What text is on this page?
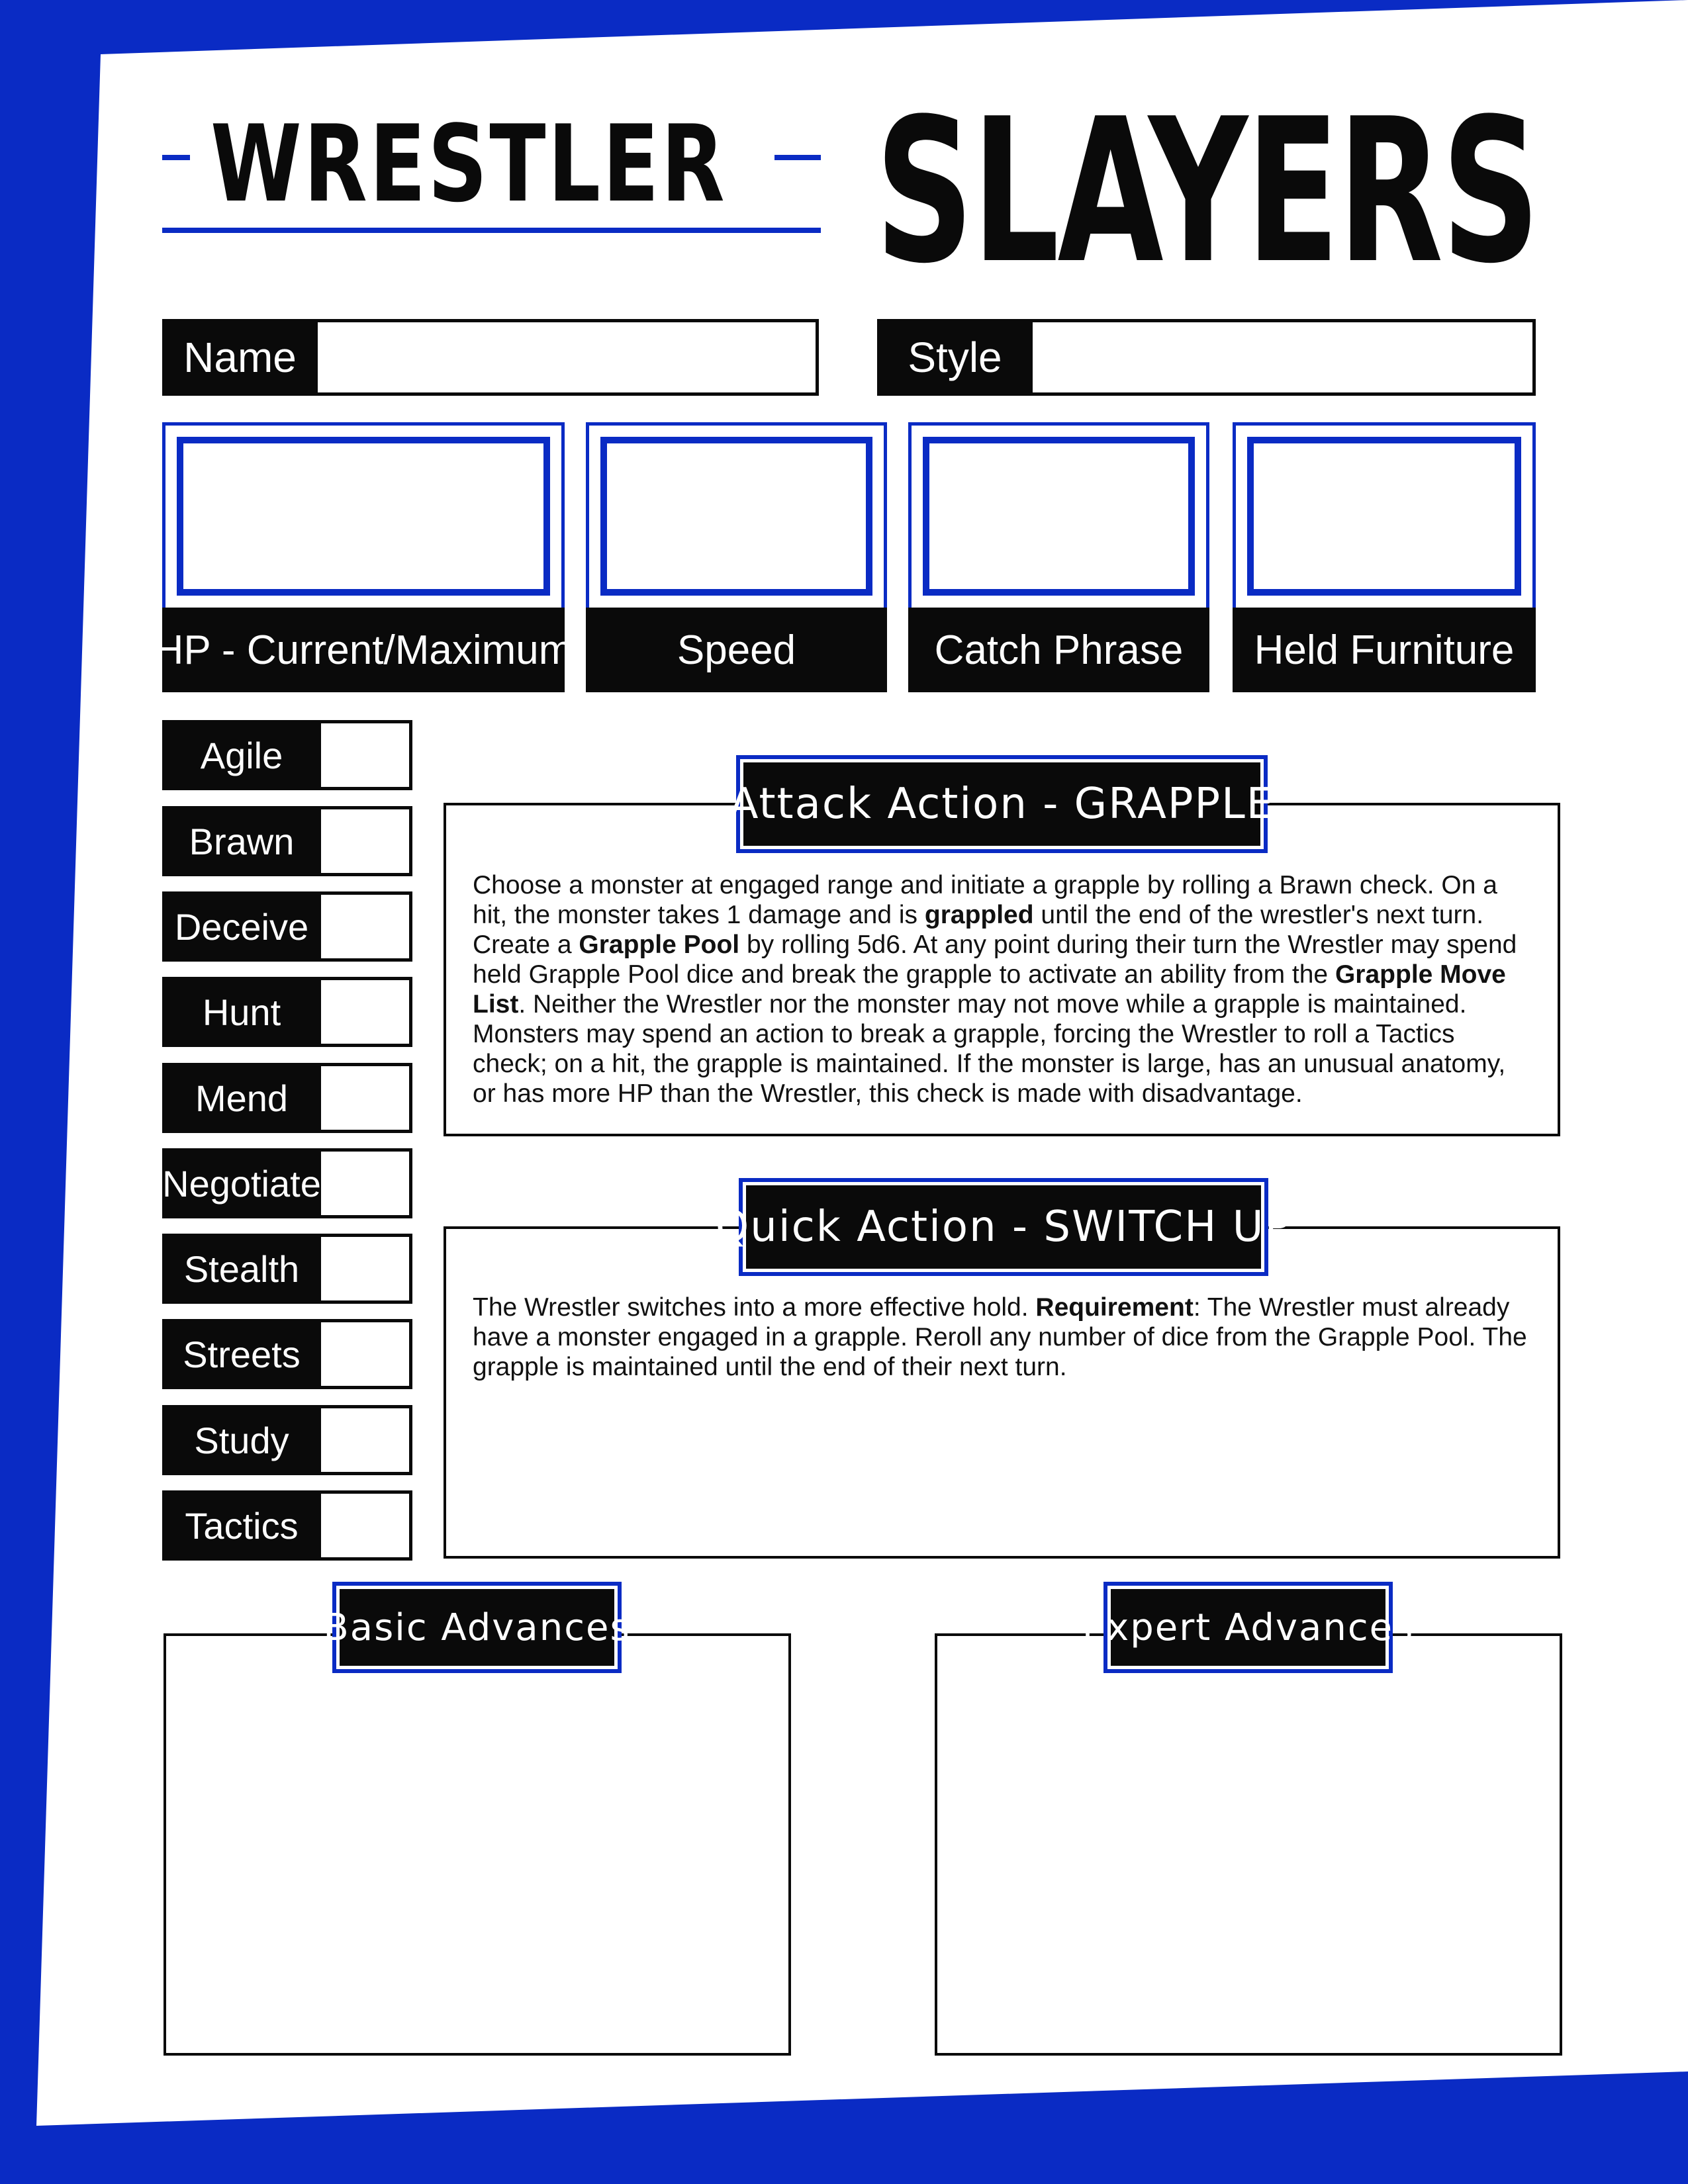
WRESTLER SLAYERS
Name	Style
HP - Current/Maximum	Speed	Catch Phrase	Held Furniture
Agile
Brawn
Deceive
Hunt
Mend
Negotiate
Stealth
Streets
Study
Tactics
Choose a monster at engaged range and initiate a grapple by rolling a Brawn check. On a hit, the monster takes 1 damage and is grappled until the end of the wrestler's next turn. Create a Grapple Pool by rolling 5d6. At any point during their turn the Wrestler may spend held Grapple Pool dice and break the grapple to activate an ability from the Grapple Move List. Neither the Wrestler nor the monster may not move while a grapple is maintained. Monsters may spend an action to break a grapple, forcing the Wrestler to roll a Tactics check; on a hit, the grapple is maintained. If the monster is large, has an unusual anatomy, or has more HP than the Wrestler, this check is made with disadvantage.
Attack Action - GRAPPLE
The Wrestler switches into a more effective hold. Requirement: The Wrestler must already have a monster engaged in a grapple. Reroll any number of dice from the Grapple Pool. The grapple is maintained until the end of their next turn.
Quick Action - SWITCH UP
Basic Advances	Expert Advances
